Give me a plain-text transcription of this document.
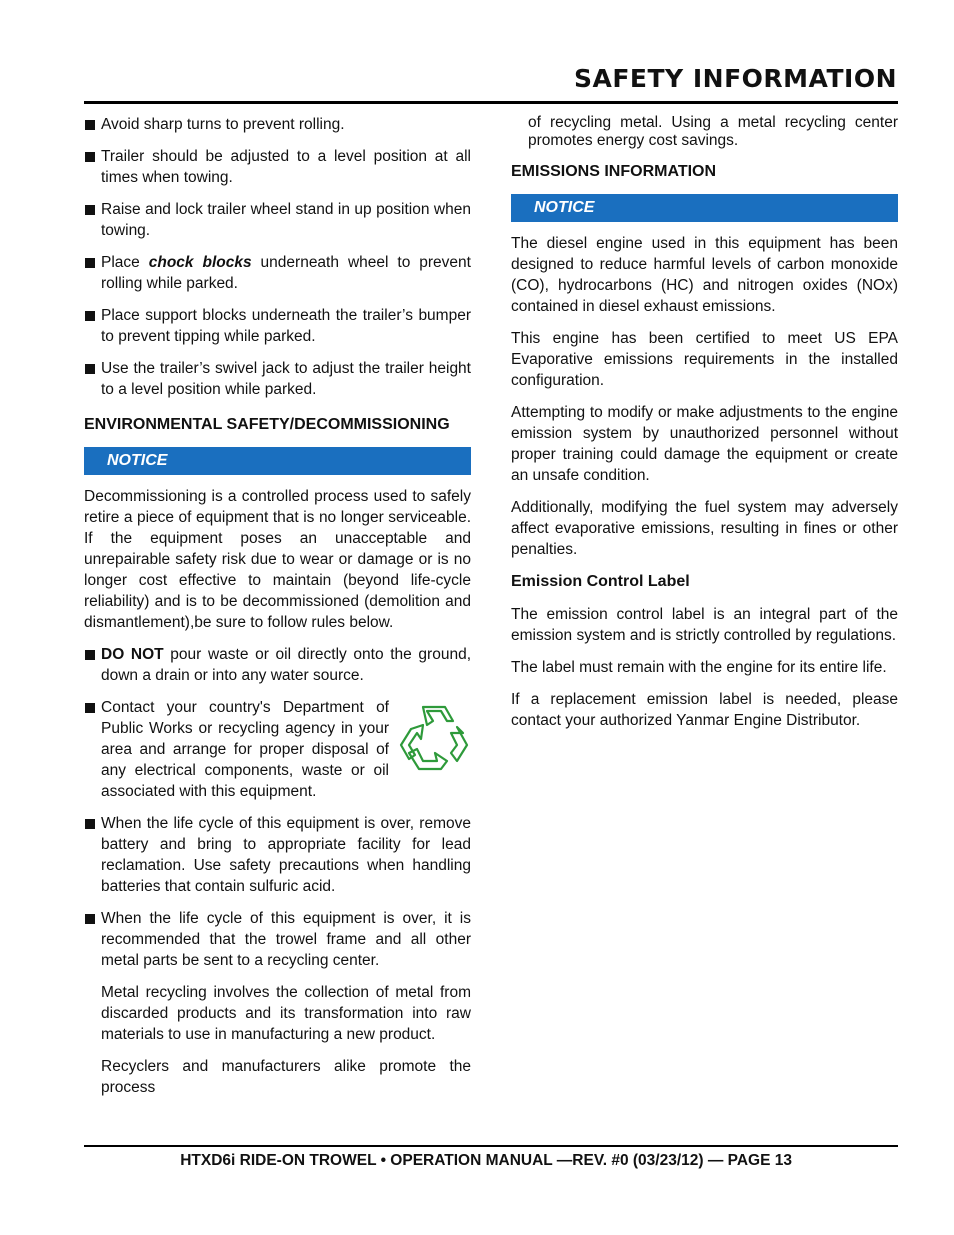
SAFETY INFORMATION
Avoid sharp turns to prevent rolling.
Trailer should be adjusted to a level position at all times when towing.
Raise and lock trailer wheel stand in up position when towing.
Place chock blocks underneath wheel to prevent rolling while parked.
Place support blocks underneath the trailer’s bumper to prevent tipping while parked.
Use the trailer’s swivel jack to adjust the trailer height to a level position while parked.
ENVIRONMENTAL SAFETY/DECOMMISSIONING
NOTICE

Decommissioning is a controlled process used to safely retire a piece of equipment that is no longer serviceable. If the equipment poses an unacceptable and unrepairable safety risk due to wear or damage or is no longer cost effective to maintain (beyond life-cycle reliability) and is to be decommissioned (demolition and dismantlement),be sure to follow rules below.

DO NOT pour waste or oil directly onto the ground, down a drain or into any water source.
Contact your country's Department of Public Works or recycling agency in your area and arrange for proper disposal of any electrical components, waste or oil associated with this equipment.
When the life cycle of this equipment is over, remove battery and bring to appropriate facility for lead reclamation. Use safety precautions when handling batteries that contain sulfuric acid.
When the life cycle of this equipment is over, it is recommended that the trowel frame and all other metal parts be sent to a recycling center.

Metal recycling involves the collection of metal from discarded products and its transformation into raw materials to use in manufacturing a new product.

Recyclers and manufacturers alike promote the process

of recycling metal. Using a metal recycling center promotes energy cost savings.

EMISSIONS INFORMATION
NOTICE

The diesel engine used in this equipment has been designed to reduce harmful levels of carbon monoxide (CO), hydrocarbons (HC) and nitrogen oxides (NOx) contained in diesel exhaust emissions.

This engine has been certified to meet US EPA Evaporative emissions requirements in the installed configuration.

Attempting to modify or make adjustments to the engine emission system by unauthorized personnel without proper training could damage the equipment or create an unsafe condition.

Additionally, modifying the fuel system may adversely affect evaporative emissions, resulting in fines or other penalties.

Emission Control Label

The emission control label is an integral part of the emission system and is strictly controlled by regulations.

The label must remain with the engine for its entire life.

If a replacement emission label is needed, please contact your authorized Yanmar Engine Distributor.

HTXD6i RIDE-ON TROWEL • OPERATION MANUAL —REV. #0 (03/23/12) — PAGE 13
